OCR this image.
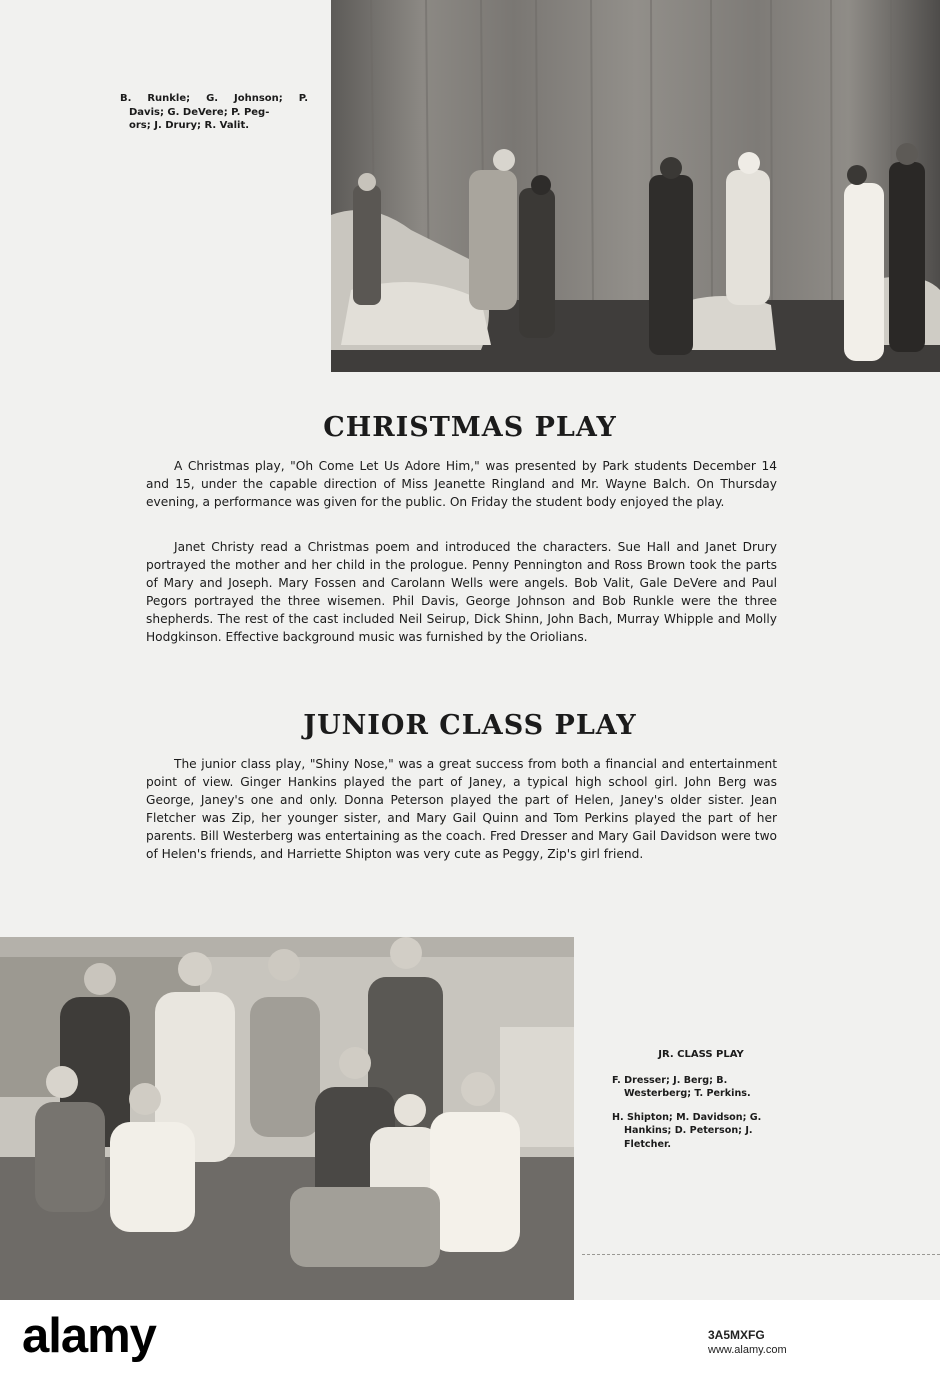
B. Runkle; G. Johnson; P.
Davis; G. DeVere; P. Peg-
ors; J. Drury; R. Valit.
CHRISTMAS PLAY

A Christmas play, "Oh Come Let Us Adore Him," was presented by Park students December 14 and 15, under the capable direction of Miss Jeanette Ringland and Mr. Wayne Balch. On Thursday evening, a performance was given for the public. On Friday the student body enjoyed the play.

Janet Christy read a Christmas poem and introduced the characters. Sue Hall and Janet Drury portrayed the mother and her child in the prologue. Penny Pennington and Ross Brown took the parts of Mary and Joseph. Mary Fossen and Carolann Wells were angels. Bob Valit, Gale DeVere and Paul Pegors portrayed the three wisemen. Phil Davis, George Johnson and Bob Runkle were the three shepherds. The rest of the cast included Neil Seirup, Dick Shinn, John Bach, Murray Whipple and Molly Hodgkinson. Effective background music was furnished by the Oriolians.

JUNIOR CLASS PLAY

The junior class play, "Shiny Nose," was a great success from both a financial and entertainment point of view. Ginger Hankins played the part of Janey, a typical high school girl. John Berg was George, Janey's one and only. Donna Peterson played the part of Helen, Janey's older sister. Jean Fletcher was Zip, her younger sister, and Mary Gail Quinn and Tom Perkins played the part of her parents. Bill Westerberg was entertaining as the coach. Fred Dresser and Mary Gail Davidson were two of Helen's friends, and Harriette Shipton was very cute as Peggy, Zip's girl friend.

JR. CLASS PLAY
F. Dresser; J. Berg; B. Westerberg; T. Perkins.
H. Shipton; M. Davidson; G. Hankins; D. Peterson; J. Fletcher.
alamy	3A5MXFG
www.alamy.com
